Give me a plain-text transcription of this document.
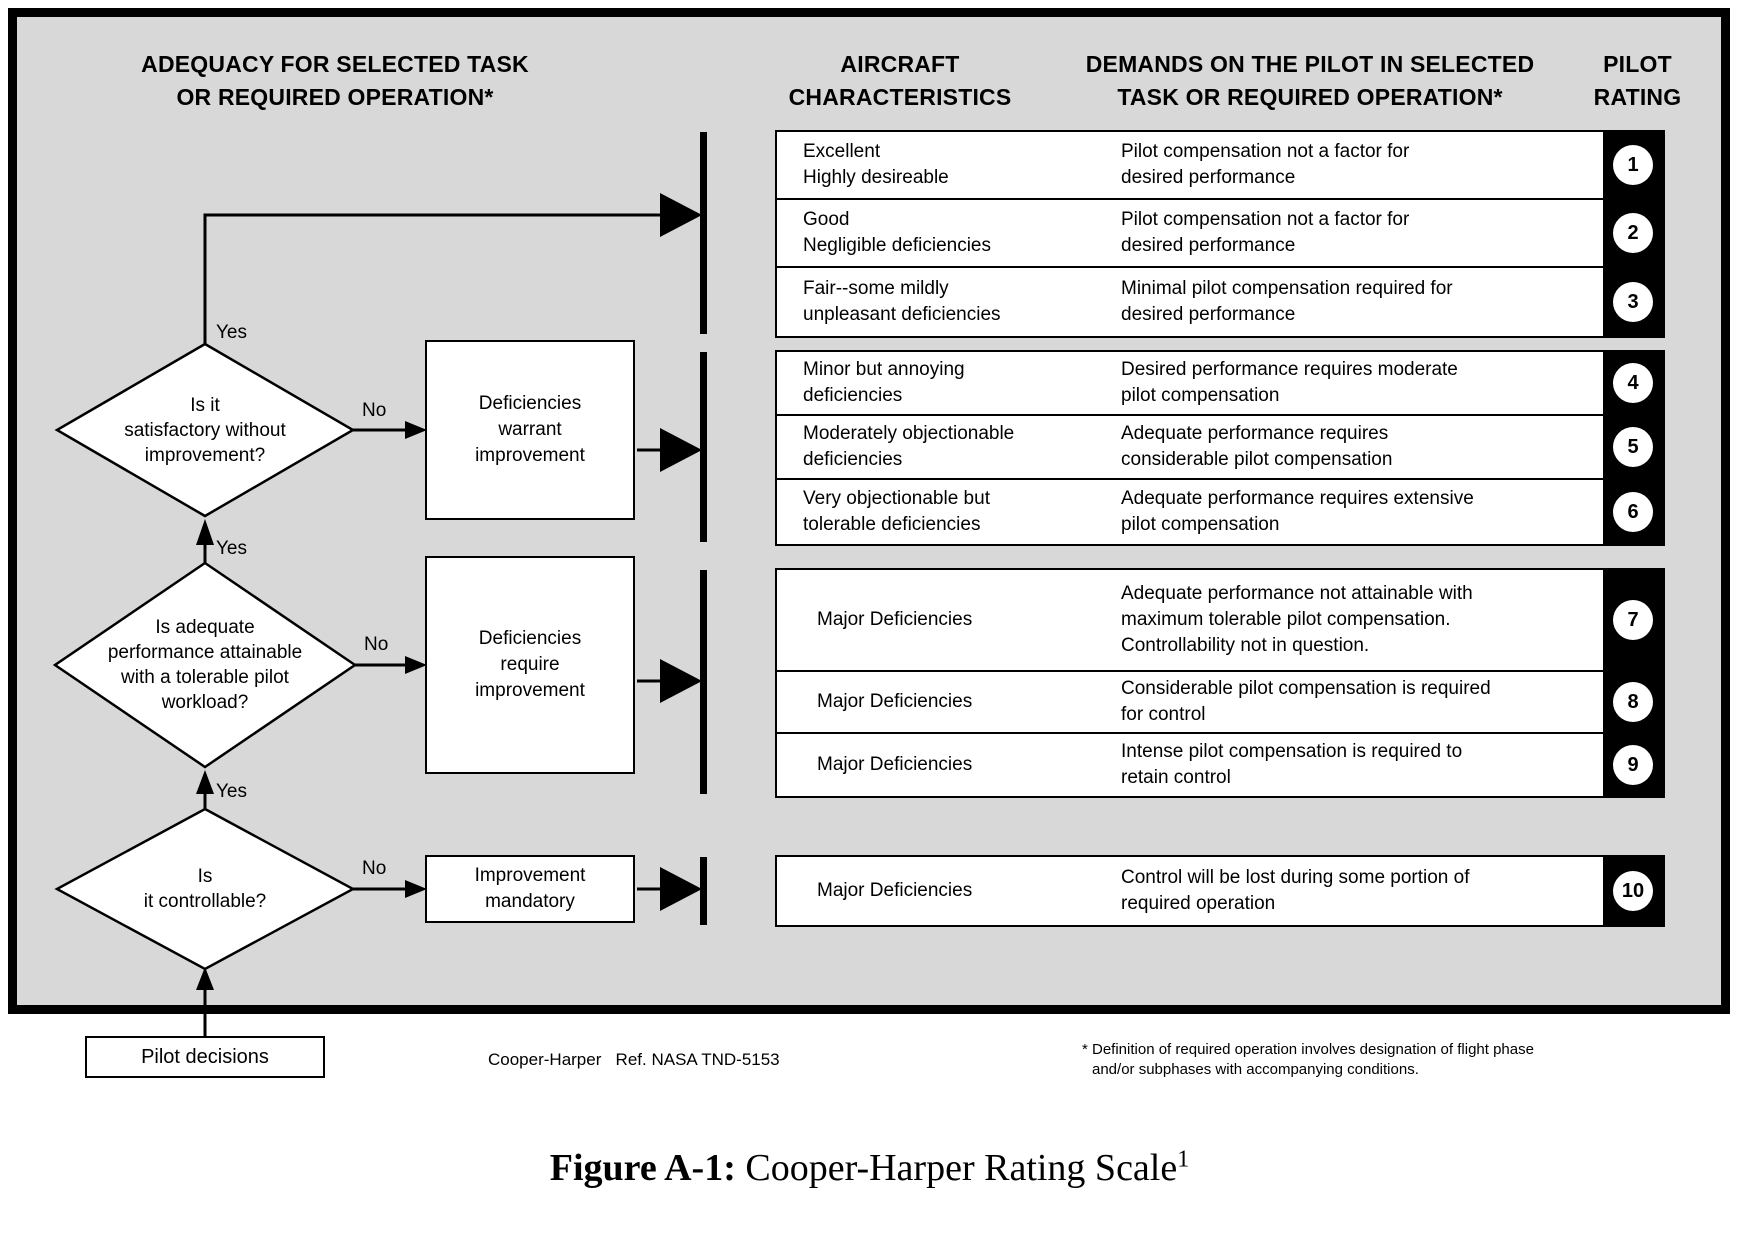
ADEQUACY FOR SELECTED TASK
OR REQUIRED OPERATION*
AIRCRAFT
CHARACTERISTICS
DEMANDS ON THE PILOT IN SELECTED
TASK OR REQUIRED OPERATION*
PILOT
RATING
Is it
satisfactory without
improvement?
Is adequate
performance attainable
with a tolerable pilot
workload?
Is
it controllable?
Yes
Yes
Yes
No
No
No
Deficiencies
warrant
improvement
Deficiencies
require
improvement
Improvement
mandatory
Excellent
Highly desireable
Pilot compensation not a factor for
desired performance
1
Good
Negligible deficiencies
Pilot compensation not a factor for
desired performance
2
Fair--some mildly
unpleasant deficiencies
Minimal pilot compensation required for
desired performance
3
Minor but annoying
deficiencies
Desired performance requires moderate
pilot compensation
4
Moderately objectionable
deficiencies
Adequate performance requires
considerable pilot compensation
5
Very objectionable but
tolerable deficiencies
Adequate performance requires extensive
pilot compensation
6
Major Deficiencies
Adequate performance not attainable with
maximum tolerable pilot compensation.
Controllability not in question.
7
Major Deficiencies
Considerable pilot compensation is required
for control
8
Major Deficiencies
Intense pilot compensation is required to
retain control
9
Major Deficiencies
Control will be lost during some portion of
required operation
10
Pilot decisions	Cooper-Harper   Ref. NASA TND-5153
* Definition of required operation involves designation of flight phase
and/or subphases with accompanying conditions.
Figure A-1: Cooper-Harper Rating Scale$^1$
